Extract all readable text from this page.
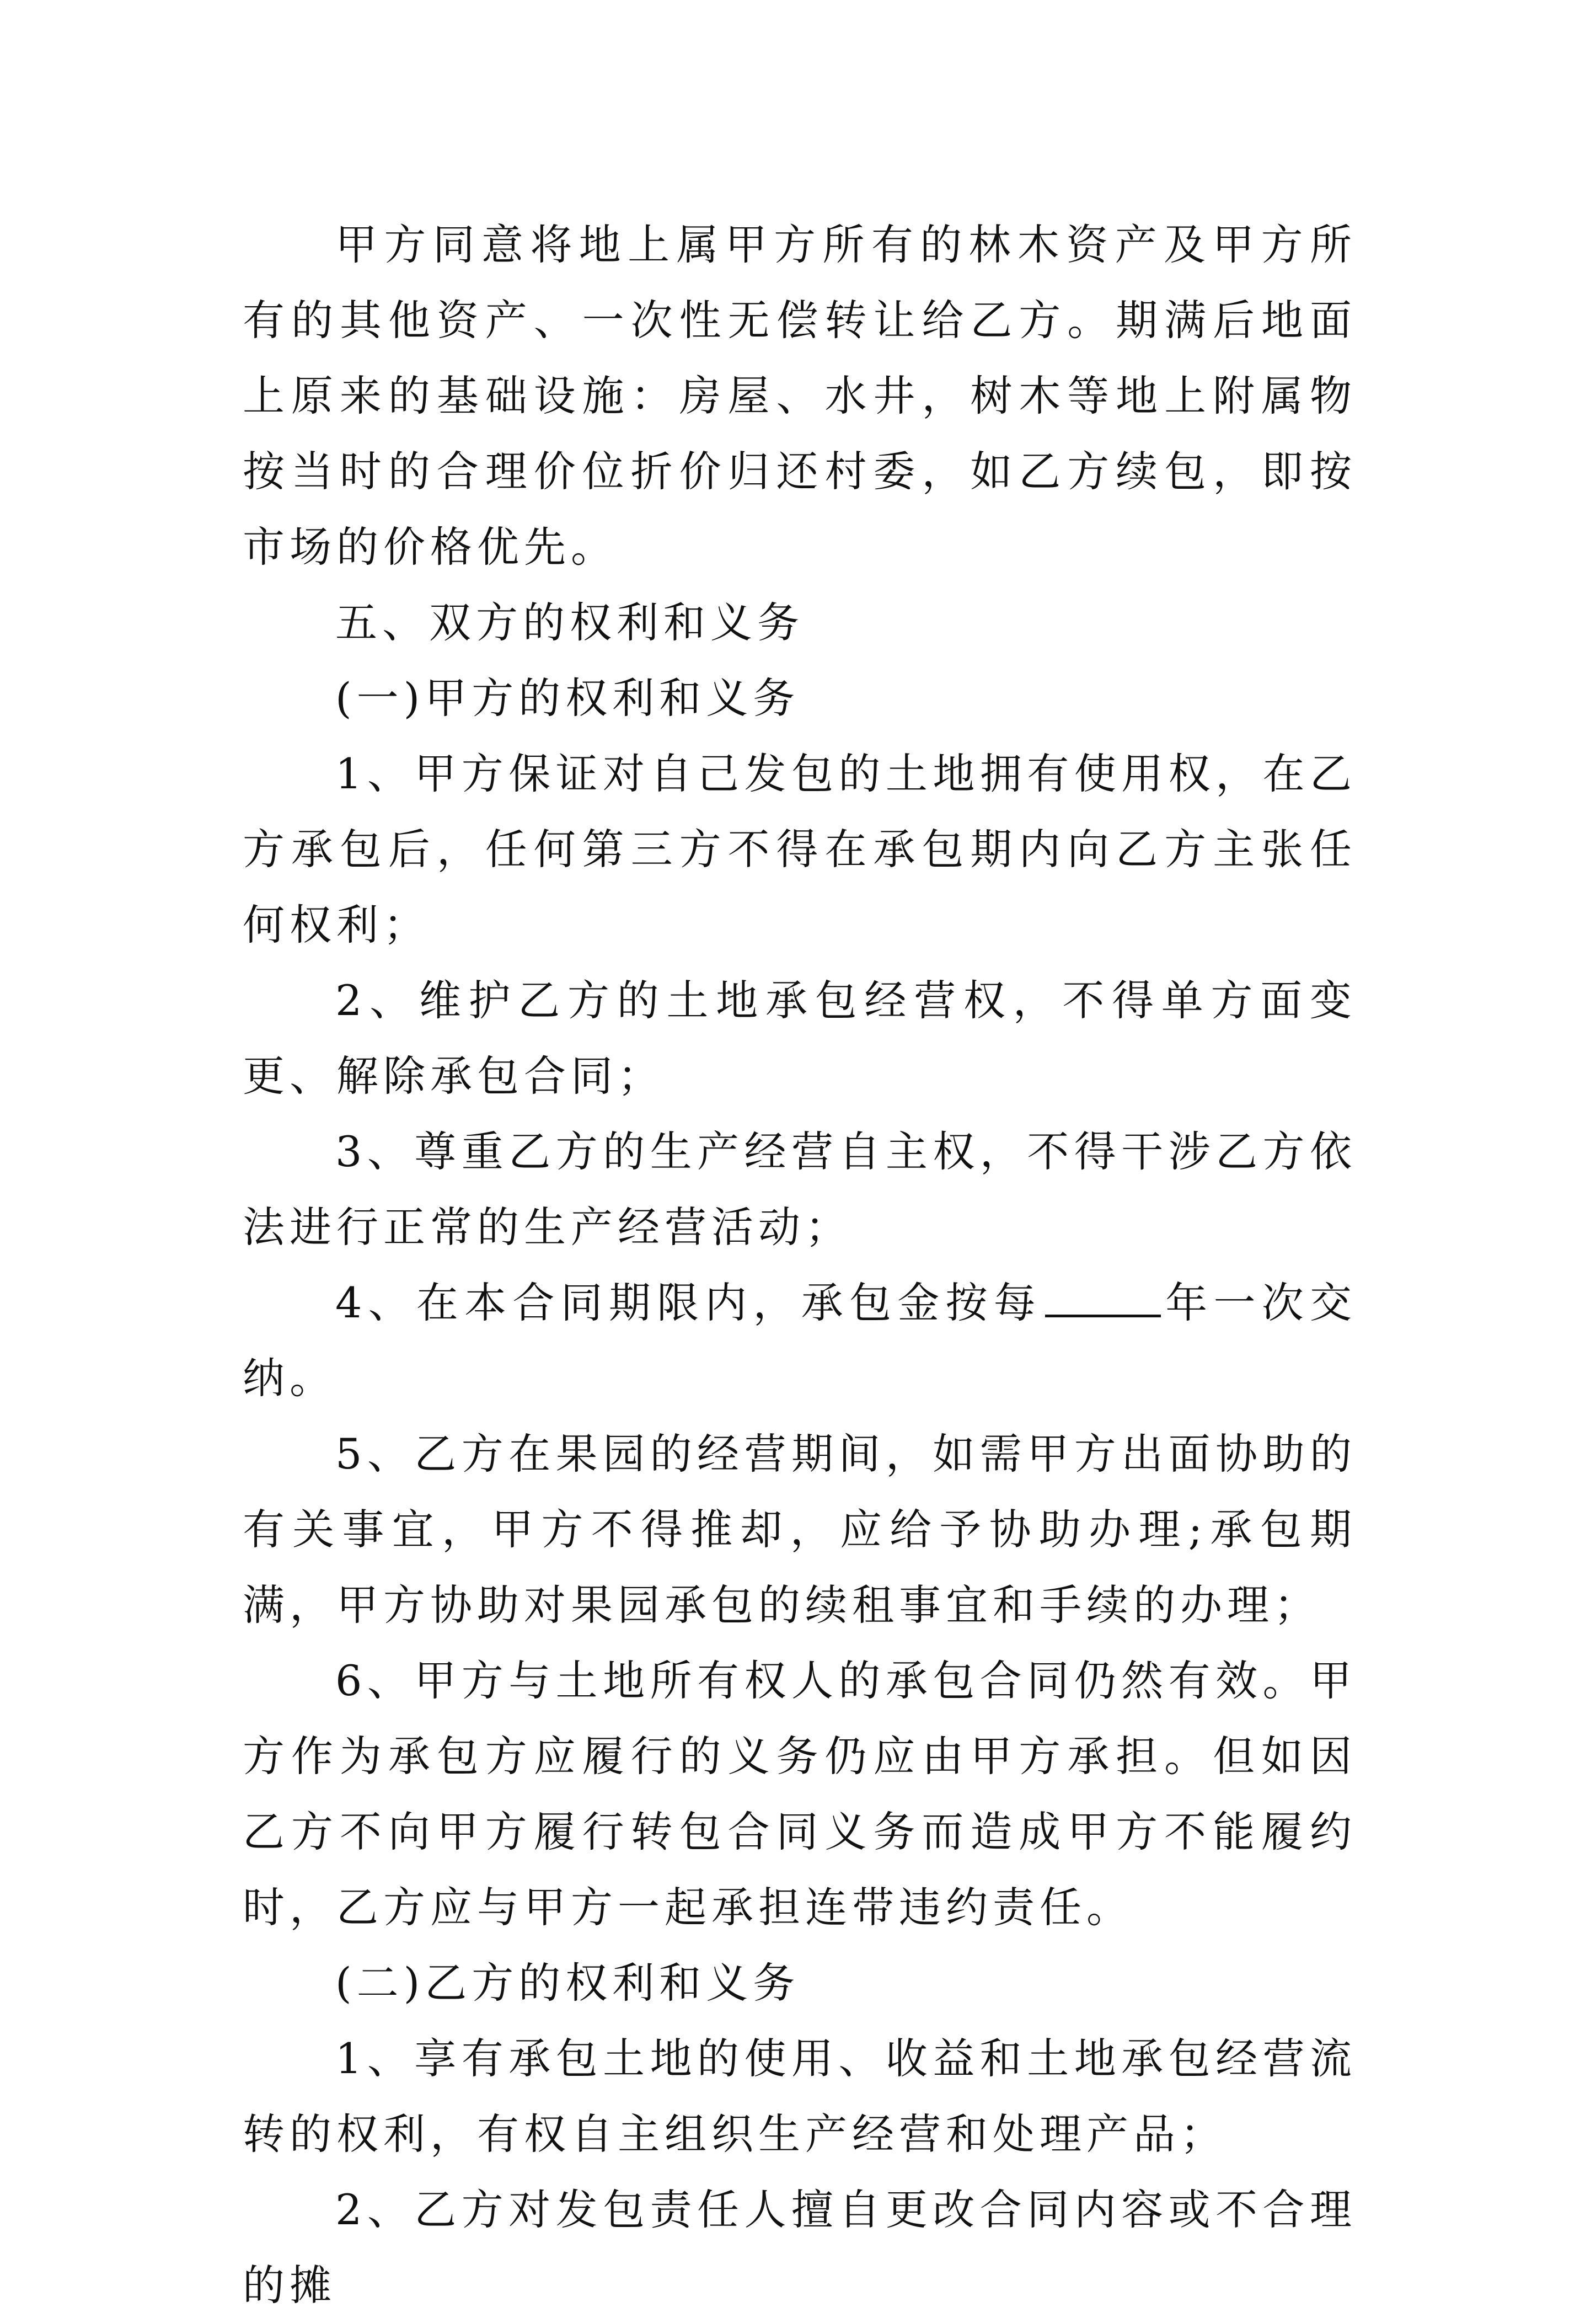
甲方同意将地上属甲方所有的林木资产及甲方所有的其他资产、一次性无偿转让给乙方。期满后地面上原来的基础设施：房屋、水井，树木等地上附属物按当时的合理价位折价归还村委，如乙方续包，即按市场的价格优先。

五、双方的权利和义务

(一)甲方的权利和义务

1、甲方保证对自己发包的土地拥有使用权，在乙方承包后，任何第三方不得在承包期内向乙方主张任何权利；

2、维护乙方的土地承包经营权，不得单方面变更、解除承包合同；

3、尊重乙方的生产经营自主权，不得干涉乙方依法进行正常的生产经营活动；

4、在本合同期限内，承包金按每	年一次交纳。

5、乙方在果园的经营期间，如需甲方出面协助的有关事宜，甲方不得推却，应给予协助办理;承包期满，甲方协助对果园承包的续租事宜和手续的办理；

6、甲方与土地所有权人的承包合同仍然有效。甲方作为承包方应履行的义务仍应由甲方承担。但如因乙方不向甲方履行转包合同义务而造成甲方不能履约时，乙方应与甲方一起承担连带违约责任。

(二)乙方的权利和义务

1、享有承包土地的使用、收益和土地承包经营流转的权利，有权自主组织生产经营和处理产品；

2、乙方对发包责任人擅自更改合同内容或不合理的摊
